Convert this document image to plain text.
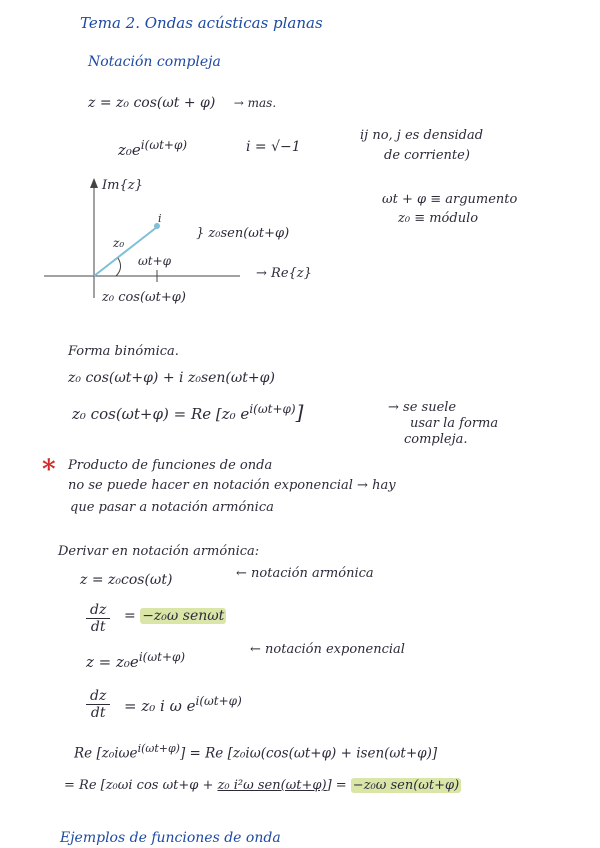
Tema 2. Ondas acústicas planas
Notación compleja
z = z₀ cos(ωt + φ) → mas.
$z_0e^{i(\omega t+\varphi)}$	i = √−1
ij no, j es densidad
de corriente)
ωt + φ ≡ argumento
z₀ ≡ módulo
Im{z}
i
z₀
} z₀sen(ωt+φ)
ωt+φ
→ Re{z}
z₀ cos(ωt+φ)
Forma binómica.
z₀ cos(ωt+φ) + i z₀sen(ωt+φ)
z₀ cos(ωt+φ) = Re [z₀ $e^{i(\omega t+\varphi)}$]	→ se suele
usar la forma
compleja.
* Producto de funciones de onda
no se puede hacer en notación exponencial → hay
que pasar a notación armónica
Derivar en notación armónica:
z = z₀cos(ωt)	← notación armónica
$\frac{dz}{dt} = -z_0\omega$ senωt
$z = z_0e^{i(\omega t+\varphi)}$	← notación exponencial
$\frac{dz}{dt} = z_0$ i ω $e^{i(\omega t+\varphi)}$
Re [z₀iωe$^{i(\omega t+\varphi)}$] = Re [z₀iω(cos(ωt+φ) + isen(ωt+φ)]
= Re [z₀ωi cos ωt+φ + z₀ i²ω sen(ωt+φ)] = −z₀ω sen(ωt+φ)
Ejemplos de funciones de onda
